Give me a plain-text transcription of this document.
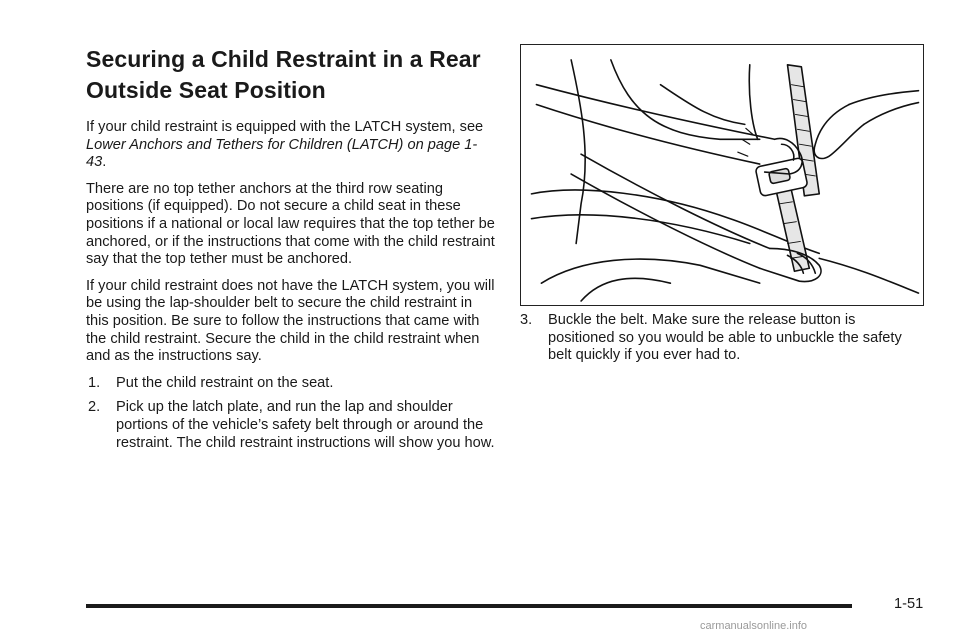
Securing a Child Restraint in a Rear Outside Seat Position

If your child restraint is equipped with the LATCH system, see Lower Anchors and Tethers for Children (LATCH) on page 1-43.

There are no top tether anchors at the third row seating positions (if equipped). Do not secure a child seat in these positions if a national or local law requires that the top tether be anchored, or if the instructions that come with the child restraint say that the top tether must be anchored.

If your child restraint does not have the LATCH system, you will be using the lap-shoulder belt to secure the child restraint in this position. Be sure to follow the instructions that came with the child restraint. Secure the child in the child restraint when and as the instructions say.

1.	Put the child restraint on the seat.
2.	Pick up the latch plate, and run the lap and shoulder portions of the vehicle’s safety belt through or around the restraint. The child restraint instructions will show you how.
3.	Buckle the belt. Make sure the release button is positioned so you would be able to unbuckle the safety belt quickly if you ever had to.
1-51
carmanualsonline.info
